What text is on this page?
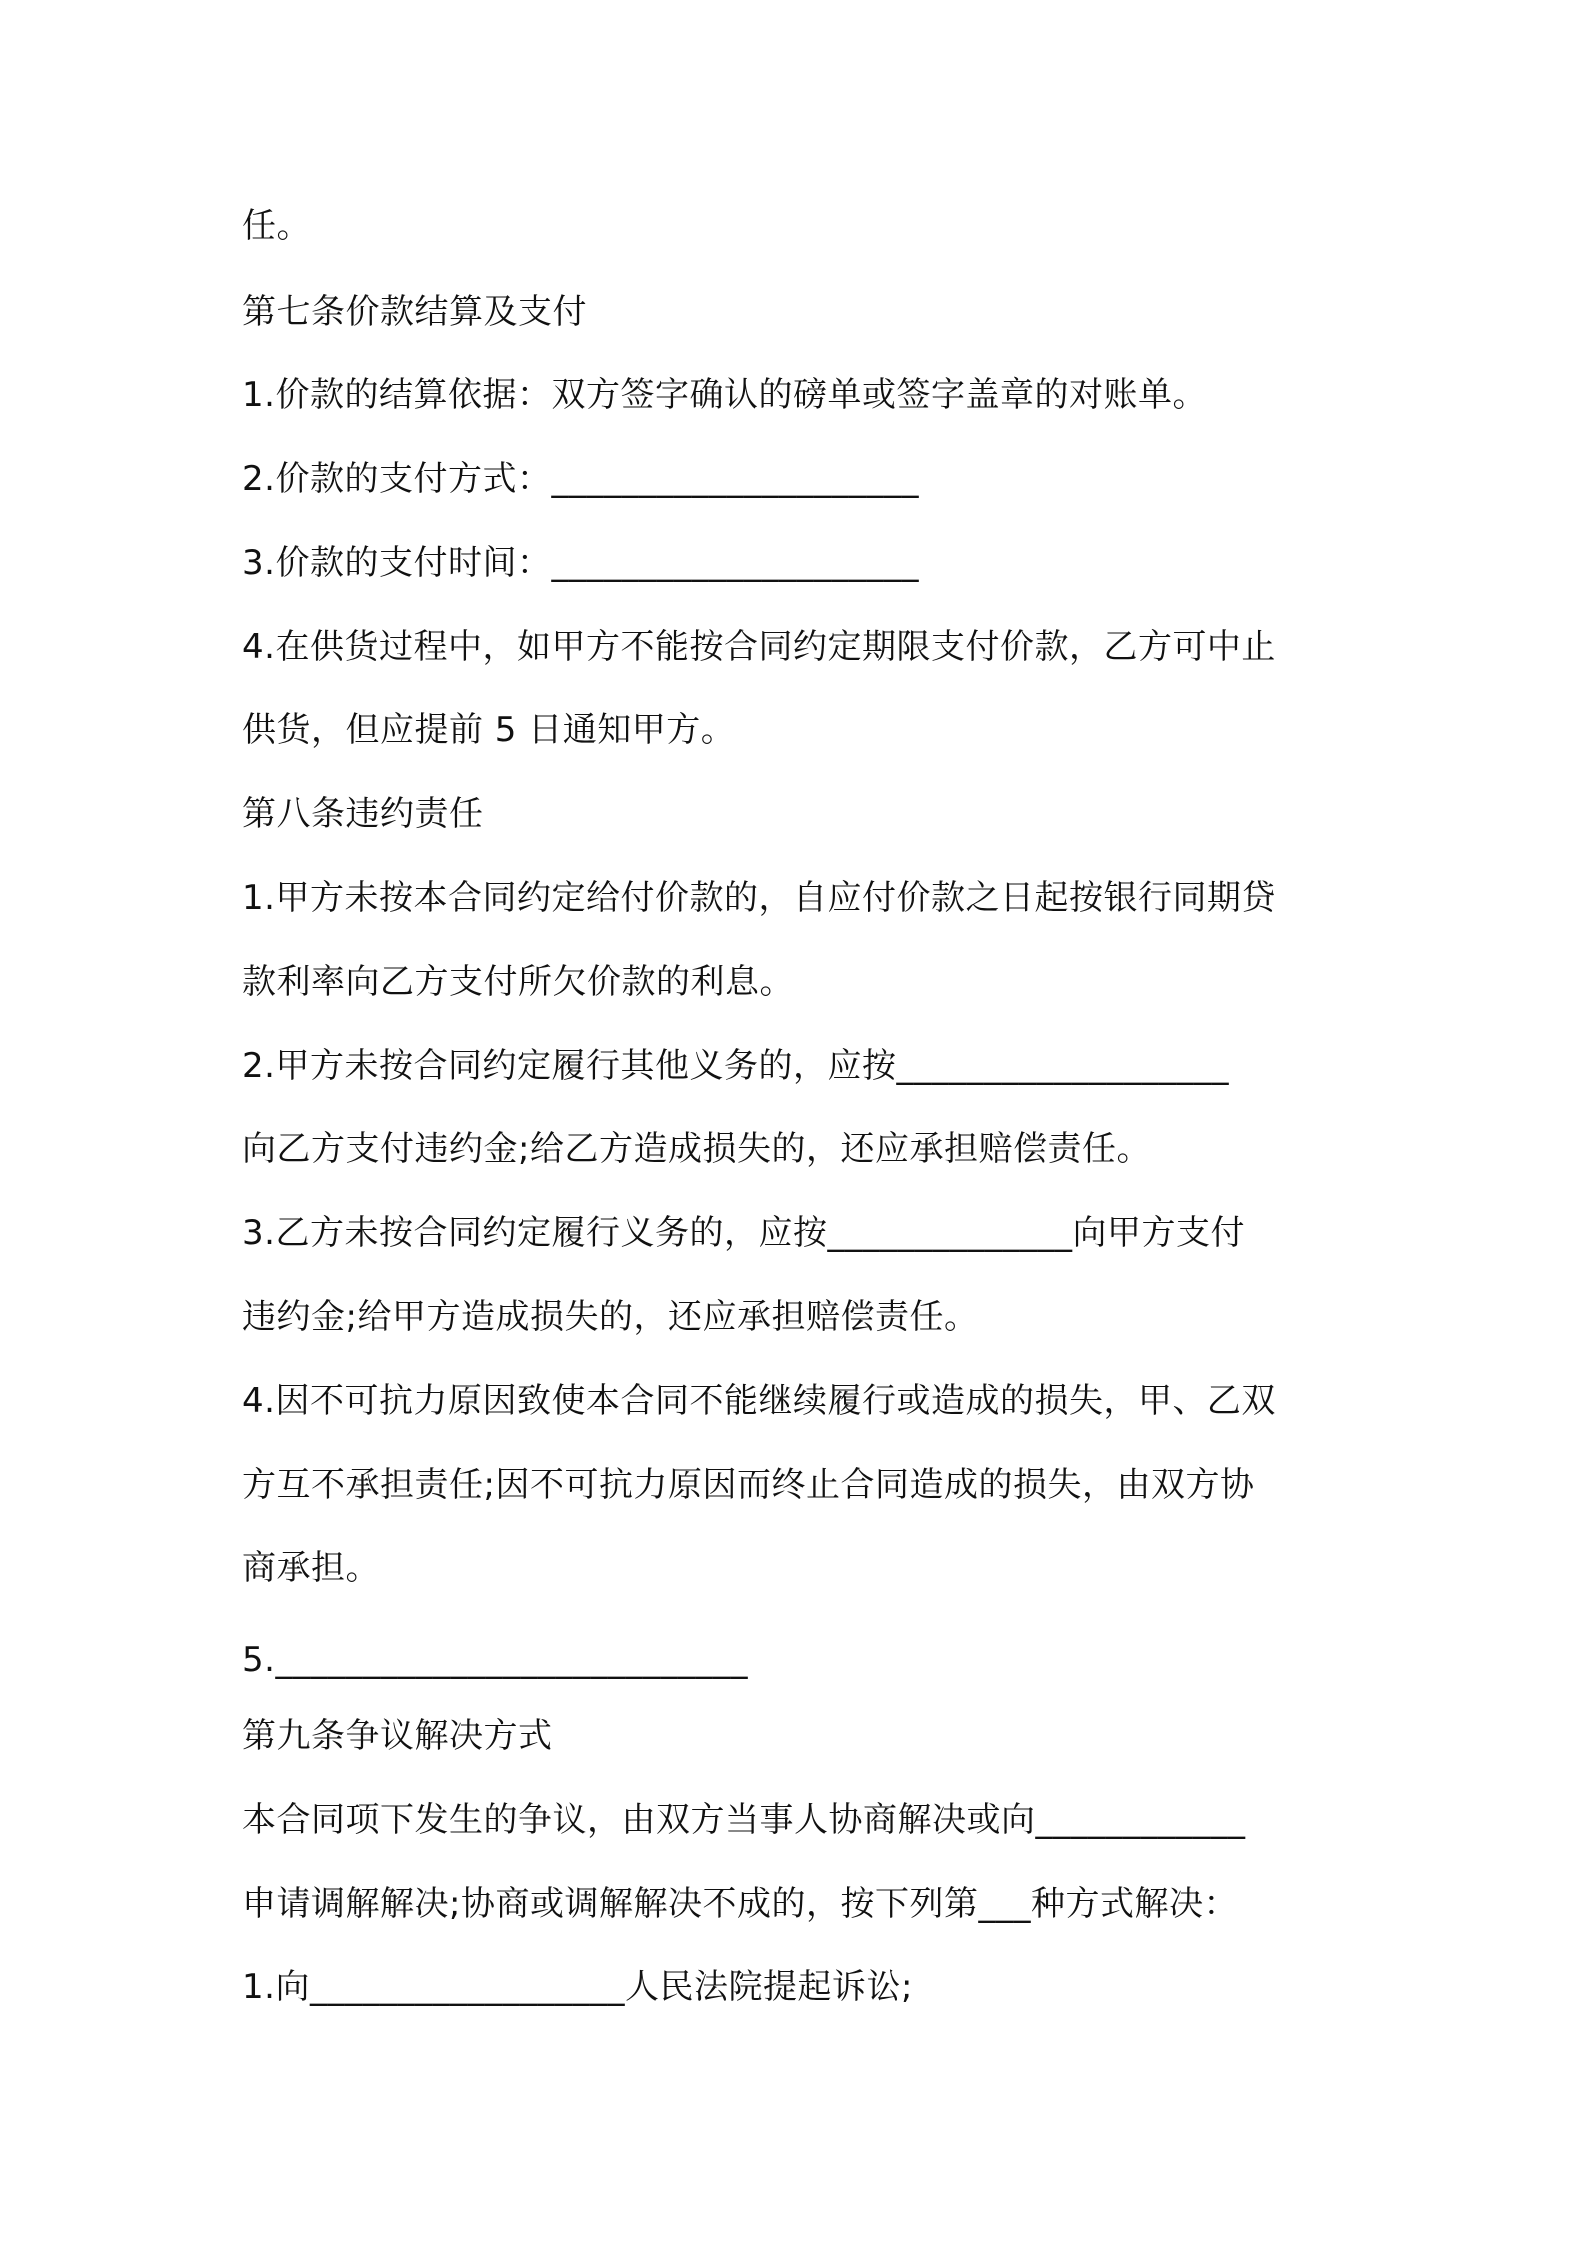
任。

第七条价款结算及支付

1.价款的结算依据：双方签字确认的磅单或签字盖章的对账单。

2.价款的支付方式：_____________________

3.价款的支付时间：_____________________

4.在供货过程中，如甲方不能按合同约定期限支付价款，乙方可中止

供货，但应提前 5 日通知甲方。

第八条违约责任

1.甲方未按本合同约定给付价款的，自应付价款之日起按银行同期贷

款利率向乙方支付所欠价款的利息。

2.甲方未按合同约定履行其他义务的，应按___________________

向乙方支付违约金;给乙方造成损失的，还应承担赔偿责任。

3.乙方未按合同约定履行义务的，应按______________向甲方支付

违约金;给甲方造成损失的，还应承担赔偿责任。

4.因不可抗力原因致使本合同不能继续履行或造成的损失，甲、乙双

方互不承担责任;因不可抗力原因而终止合同造成的损失，由双方协

商承担。

5.___________________________

第九条争议解决方式

本合同项下发生的争议，由双方当事人协商解决或向____________

申请调解解决;协商或调解解决不成的，按下列第___种方式解决：

1.向__________________人民法院提起诉讼;
